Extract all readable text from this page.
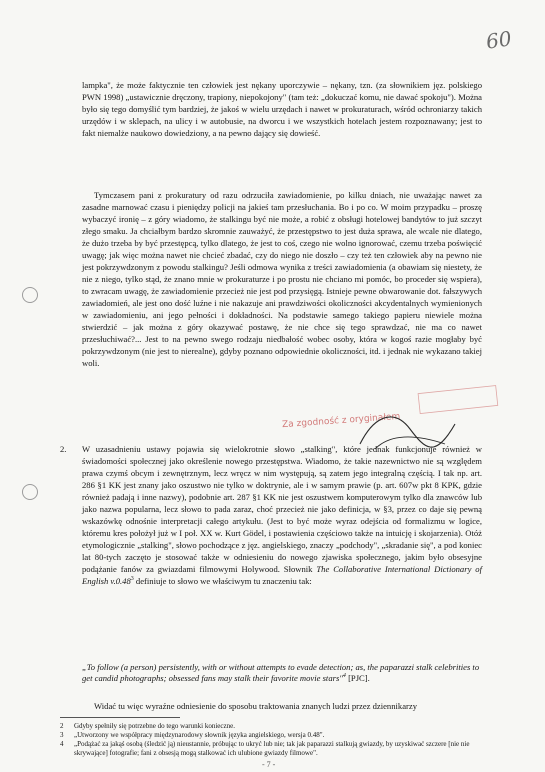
60

lampka", że może faktycznie ten człowiek jest nękany uporczywie – nękany, tzn. (za słownikiem jęz. polskiego PWN 1998) „ustawicznie dręczony, trapiony, niepokojony" (tam też: „dokuczać komu, nie dawać spokoju"). Można było się tego domyślić tym bardziej, że jakoś w wielu urzędach i nawet w prokuraturach, wśród ochroniarzy takich urzędów i w sklepach, na ulicy i w autobusie, na dworcu i we wszystkich hotelach jestem rozpoznawany; jest to fakt niemalże naukowo dowiedziony, a na pewno dający się dowieść.

Tymczasem pani z prokuratury od razu odrzuciła zawiadomienie, po kilku dniach, nie uważając nawet za zasadne marnować czasu i pieniędzy policji na jakieś tam przesłuchania. Bo i po co. W moim przypadku – proszę wybaczyć ironię – z góry wiadomo, że stalkingu być nie może, a robić z obsługi hotelowej bandytów to już szczyt złego smaku. Ja chciałbym bardzo skromnie zauważyć, że przestępstwo to jest duża sprawa, ale wcale nie dlatego, że dużo trzeba by być przestępcą, tylko dlatego, że jest to coś, czego nie wolno ignorować, czemu trzeba poświęcić uwagę; jak więc można nawet nie chcieć zbadać, czy do niego nie doszło – czy też ten człowiek aby na pewno nie jest pokrzywdzonym z powodu stalkingu? Jeśli odmowa wynika z treści zawiadomienia (a obawiam się niestety, że nie z niego, tylko stąd, że znano mnie w prokuraturze i po prostu nie chciano mi pomóc, bo proceder się wspiera), to zwracam uwagę, że zawiadomienie przecież nie jest pod przysięgą. Istnieje pewne obwarowanie dot. fałszywych zawiadomień, ale jest ono dość luźne i nie nakazuje ani prawdziwości okoliczności akcydentalnych wymienionych w zawiadomieniu, ani jego pełności i dokładności. Na podstawie samego takiego papieru niewiele można stwierdzić – jak można z góry okazywać postawę, że nie chce się tego sprawdzać, nie ma co nawet przesłuchiwać?... Jest to na pewno swego rodzaju niedbałość wobec osoby, która w kogoś razie mogłaby być pokrzywdzonym (nie jest to nierealne), gdyby poznano odpowiednie okoliczności, itd. i jednak nie wykazano takiej woli.

2. W uzasadnieniu ustawy pojawia się wielokrotnie słowo „stalking", które jednak funkcjonuje również w świadomości społecznej jako określenie nowego przestępstwa. Wiadomo, że takie nazewnictwo nie są względem prawa czymś obcym i zewnętrznym, lecz wręcz w nim występują, są zatem jego integralną częścią. I tak np. art. 286 §1 KK jest znany jako oszustwo nie tylko w doktrynie, ale i w samym prawie (p. art. 607w pkt 8 KPK, gdzie również padają i inne nazwy), podobnie art. 287 §1 KK nie jest oszustwem komputerowym tylko dla znawców lub jako nazwa popularna, lecz słowo to pada zaraz, choć przecież nie jako definicja, w §3, przez co daje się pewną wskazówkę odnośnie interpretacji całego artykułu. (Jest to być może wyraz odejścia od formalizmu w logice, któremu kres położył już w I poł. XX w. Kurt Gödel, i postawienia częściowo także na intuicję i skojarzenia). Otóż etymologicznie „stalking", słowo pochodzące z jęz. angielskiego, znaczy „podchody", „skradanie się", a pod koniec lat 80-tych zaczęto je stosować także w odniesieniu do nowego zjawiska społecznego, jakim było obsesyjne podążanie fanów za gwiazdami filmowymi Holywood. Słownik The Collaborative International Dictionary of English v.0.48$^3$ definiuje to słowo we właściwym tu znaczeniu tak:

„To follow (a person) persistently, with or without attempts to evade detection; as, the paparazzi stalk celebrities to get candid photographs; obsessed fans may stalk their favorite movie stars"$^4$ [PJC].
Widać tu więc wyraźne odniesienie do sposobu traktowania znanych ludzi przez dziennikarzy
2	Gdyby spełniły się potrzebne do tego warunki konieczne.
3	„Utworzony we współpracy międzynarodowy słownik języka angielskiego, wersja 0.48".
4	„Podążać za jakąś osobą (śledzić ją) nieustannie, próbując to ukryć lub nie; tak jak paparazzi stalkują gwiazdy, by uzyskiwać szczere [nie nie skrywające] fotografie; fani z obsesją mogą stalkować ich ulubione gwiazdy filmowe".
Za zgodność z oryginałem
- 7 -
